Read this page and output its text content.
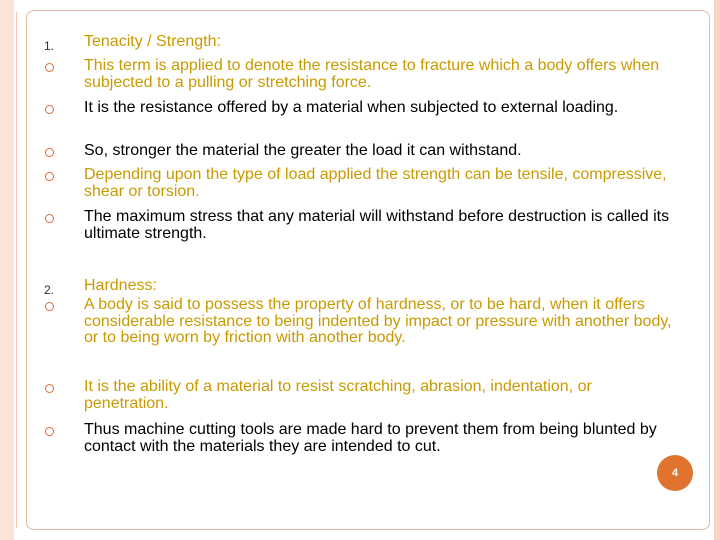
1.	Tenacity / Strength:
This term is applied to denote the resistance to fracture which a body offers when subjected to a pulling or stretching force.
It is the resistance offered by a material when subjected to external loading.
So, stronger the material the greater the load it can withstand.
Depending upon the type of load applied the strength can be tensile, compressive, shear or torsion.
The maximum stress that any material will withstand before destruction is called its ultimate strength.
2.	Hardness:
A body is said to possess the property of hardness, or to be hard, when it offers considerable resistance to being indented by impact or pressure with another body, or to being worn by friction with another body.
It is the ability of a material to resist scratching, abrasion, indentation, or penetration.
Thus machine cutting tools are made hard to prevent them from being blunted by contact with the materials they are intended to cut.
4
